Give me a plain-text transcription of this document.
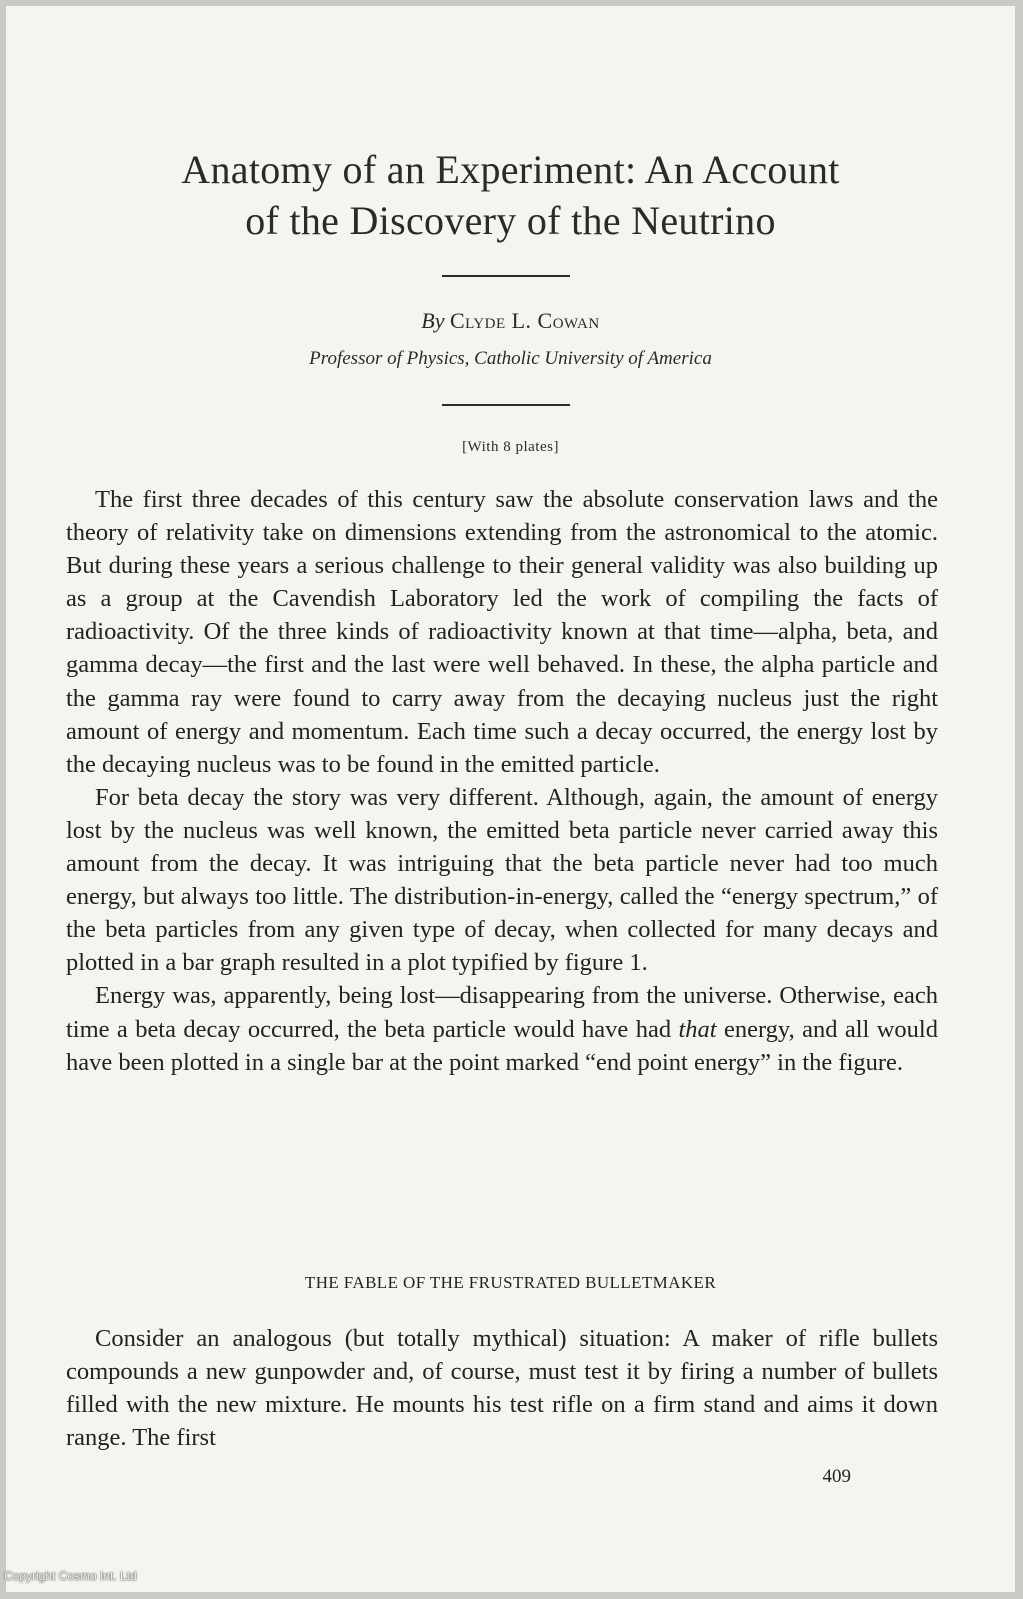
Anatomy of an Experiment: An Account
of the Discovery of the Neutrino
By Clyde L. Cowan
Professor of Physics, Catholic University of America
[With 8 plates]

The first three decades of this century saw the absolute conservation laws and the theory of relativity take on dimensions extending from the astronomical to the atomic. But during these years a serious challenge to their general validity was also building up as a group at the Cavendish Laboratory led the work of compiling the facts of radioactivity. Of the three kinds of radioactivity known at that time—alpha, beta, and gamma decay—the first and the last were well behaved. In these, the alpha particle and the gamma ray were found to carry away from the decaying nucleus just the right amount of energy and momentum. Each time such a decay occurred, the energy lost by the decaying nucleus was to be found in the emitted particle.

For beta decay the story was very different. Although, again, the amount of energy lost by the nucleus was well known, the emitted beta particle never carried away this amount from the decay. It was intriguing that the beta particle never had too much energy, but always too little. The distribution-in-energy, called the “energy spectrum,” of the beta particles from any given type of decay, when collected for many decays and plotted in a bar graph resulted in a plot typified by figure 1.

Energy was, apparently, being lost—disappearing from the universe. Otherwise, each time a beta decay occurred, the beta particle would have had that energy, and all would have been plotted in a single bar at the point marked “end point energy” in the figure.

THE FABLE OF THE FRUSTRATED BULLETMAKER

Consider an analogous (but totally mythical) situation: A maker of rifle bullets compounds a new gunpowder and, of course, must test it by firing a number of bullets filled with the new mixture. He mounts his test rifle on a firm stand and aims it down range. The first

409
Copyright Cosmo Int. Ltd
